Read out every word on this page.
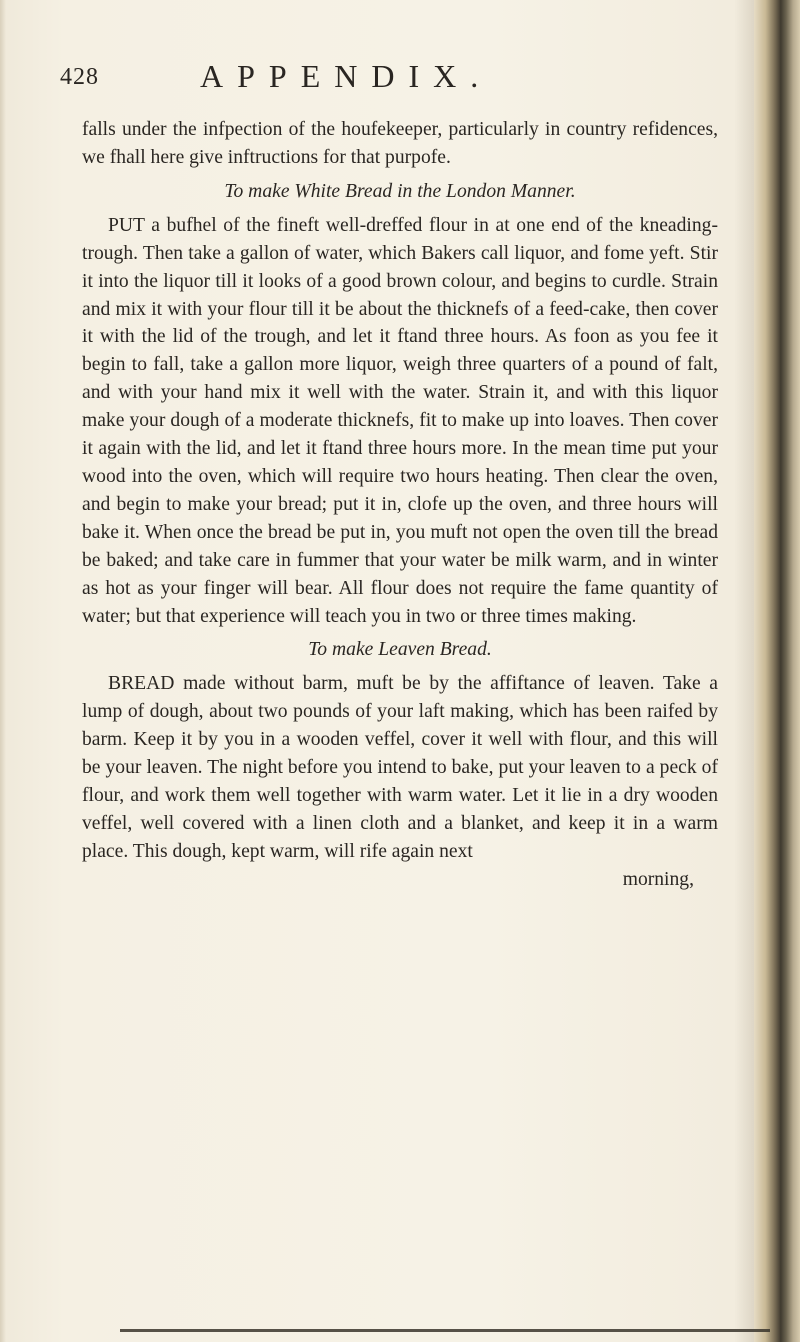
428	APPENDIX.

falls under the infpection of the houfekeeper, particularly in country refidences, we fhall here give inftructions for that purpofe.

To make White Bread in the London Manner.

PUT a bufhel of the fineft well-dreffed flour in at one end of the kneading-trough. Then take a gallon of water, which Bakers call liquor, and fome yeft. Stir it into the liquor till it looks of a good brown colour, and begins to curdle. Strain and mix it with your flour till it be about the thicknefs of a feed-cake, then cover it with the lid of the trough, and let it ftand three hours. As foon as you fee it begin to fall, take a gallon more liquor, weigh three quarters of a pound of falt, and with your hand mix it well with the water. Strain it, and with this liquor make your dough of a moderate thicknefs, fit to make up into loaves. Then cover it again with the lid, and let it ftand three hours more. In the mean time put your wood into the oven, which will require two hours heating. Then clear the oven, and begin to make your bread; put it in, clofe up the oven, and three hours will bake it. When once the bread be put in, you muft not open the oven till the bread be baked; and take care in fummer that your water be milk warm, and in winter as hot as your finger will bear. All flour does not require the fame quantity of water; but that experience will teach you in two or three times making.

To make Leaven Bread.

BREAD made without barm, muft be by the affiftance of leaven. Take a lump of dough, about two pounds of your laft making, which has been raifed by barm. Keep it by you in a wooden veffel, cover it well with flour, and this will be your leaven. The night before you intend to bake, put your leaven to a peck of flour, and work them well together with warm water. Let it lie in a dry wooden veffel, well covered with a linen cloth and a blanket, and keep it in a warm place. This dough, kept warm, will rife again next

morning,
